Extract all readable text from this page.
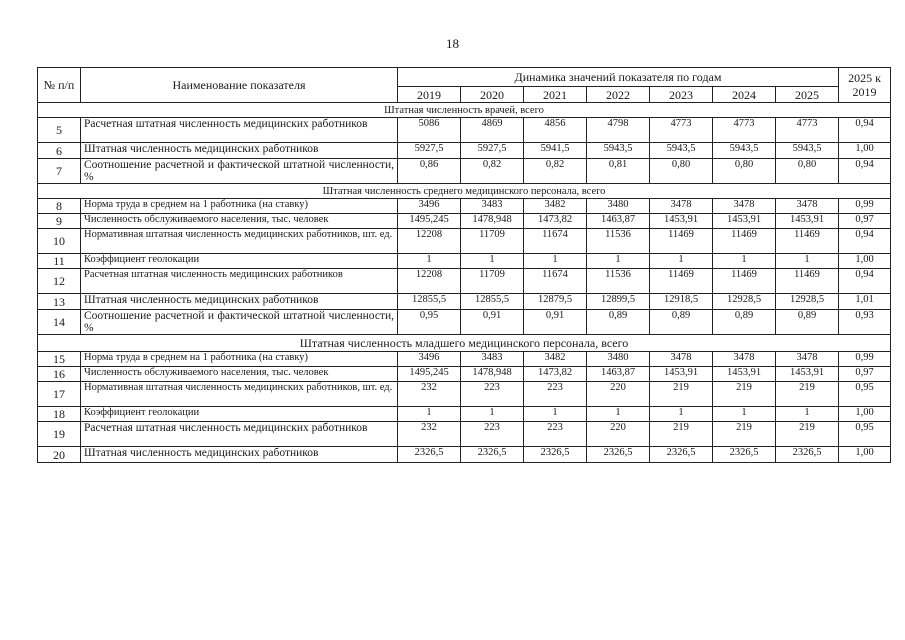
18
№ п/п	Наименование показателя	Динамика значений показателя по годам							2025 к 2019
		2019	2020	2021	2022	2023	2024	2025	
Штатная численность врачей, всего									
5	Расчетная штатная численность медицинских работников	5086	4869	4856	4798	4773	4773	4773	0,94
6	Штатная численность медицинских работников	5927,5	5927,5	5941,5	5943,5	5943,5	5943,5	5943,5	1,00
7	Соотношение расчетной и фактической штатной численности, %	0,86	0,82	0,82	0,81	0,80	0,80	0,80	0,94
Штатная численность среднего медицинского персонала, всего									
8	Норма труда в среднем на 1 работника (на ставку)	3496	3483	3482	3480	3478	3478	3478	0,99
9	Численность обслуживаемого населения, тыс. человек	1495,245	1478,948	1473,82	1463,87	1453,91	1453,91	1453,91	0,97
10	Нормативная штатная численность медицинских работников, шт. ед.	12208	11709	11674	11536	11469	11469	11469	0,94
11	Коэффициент геолокации	1	1	1	1	1	1	1	1,00
12	Расчетная штатная численность медицинских работников	12208	11709	11674	11536	11469	11469	11469	0,94
13	Штатная численность медицинских работников	12855,5	12855,5	12879,5	12899,5	12918,5	12928,5	12928,5	1,01
14	Соотношение расчетной и фактической штатной численности, %	0,95	0,91	0,91	0,89	0,89	0,89	0,89	0,93
Штатная численность младшего медицинского персонала, всего									
15	Норма труда в среднем на 1 работника (на ставку)	3496	3483	3482	3480	3478	3478	3478	0,99
16	Численность обслуживаемого населения, тыс. человек	1495,245	1478,948	1473,82	1463,87	1453,91	1453,91	1453,91	0,97
17	Нормативная штатная численность медицинских работников, шт. ед.	232	223	223	220	219	219	219	0,95
18	Коэффициент геолокации	1	1	1	1	1	1	1	1,00
19	Расчетная штатная численность медицинских работников	232	223	223	220	219	219	219	0,95
20	Штатная численность медицинских работников	2326,5	2326,5	2326,5	2326,5	2326,5	2326,5	2326,5	1,00
